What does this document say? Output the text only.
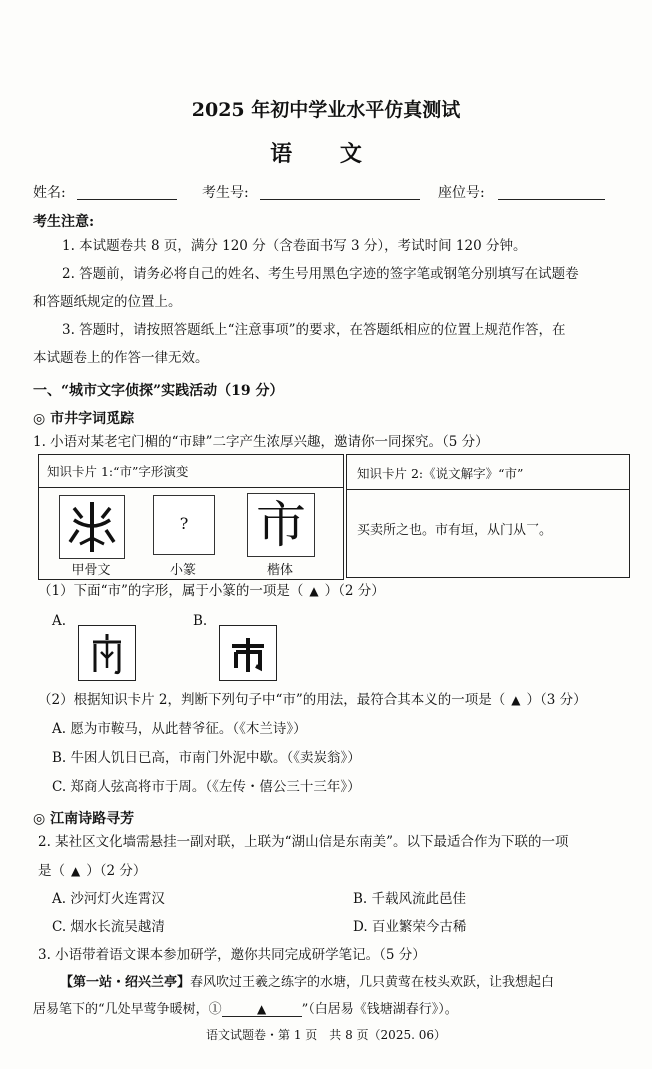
2025 年初中学业水平仿真测试
语 文
姓名:	考生号:	座位号:
考生注意:
1. 本试题卷共 8 页，满分 120 分（含卷面书写 3 分），考试时间 120 分钟。
2. 答题前，请务必将自己的姓名、考生号用黑色字迹的签字笔或钢笔分别填写在试题卷
和答题纸规定的位置上。
3. 答题时，请按照答题纸上“注意事项”的要求，在答题纸相应的位置上规范作答，在
本试题卷上的作答一律无效。
一、“城市文字侦探”实践活动（19 分）
◎ 市井字词觅踪
1. 小语对某老宅门楣的“市肆”二字产生浓厚兴趣，邀请你一同探究。（5 分）
知识卡片 1:“市”字形演变
?	市
甲骨文	小篆	楷体
知识卡片 2:《说文解字》“市”
买卖所之也。市有垣，从门从乛。
（1）下面“市”的字形，属于小篆的一项是（ ▲ ）（2 分）
A.	B.
（2）根据知识卡片 2，判断下列句子中“市”的用法，最符合其本义的一项是（ ▲ ）（3 分）
A. 愿为市鞍马，从此替爷征。（《木兰诗》）
B. 牛困人饥日已高，市南门外泥中歇。（《卖炭翁》）
C. 郑商人弦高将市于周。（《左传・僖公三十三年》）
◎ 江南诗路寻芳
2. 某社区文化墙需悬挂一副对联，上联为“湖山信是东南美”。以下最适合作为下联的一项
是（ ▲ ）（2 分）
A. 沙河灯火连霄汉	B. 千载风流此邑佳
C. 烟水长流吴越清	D. 百业繁荣今古稀
3. 小语带着语文课本参加研学，邀你共同完成研学笔记。（5 分）
【第一站・绍兴兰亭】春风吹过王羲之练字的水塘，几只黄莺在枝头欢跃，让我想起白
居易笔下的“几处早莺争暖树，①	▲	”（白居易《钱塘湖春行》）。
语文试题卷・第 1 页　共 8 页（2025. 06）
